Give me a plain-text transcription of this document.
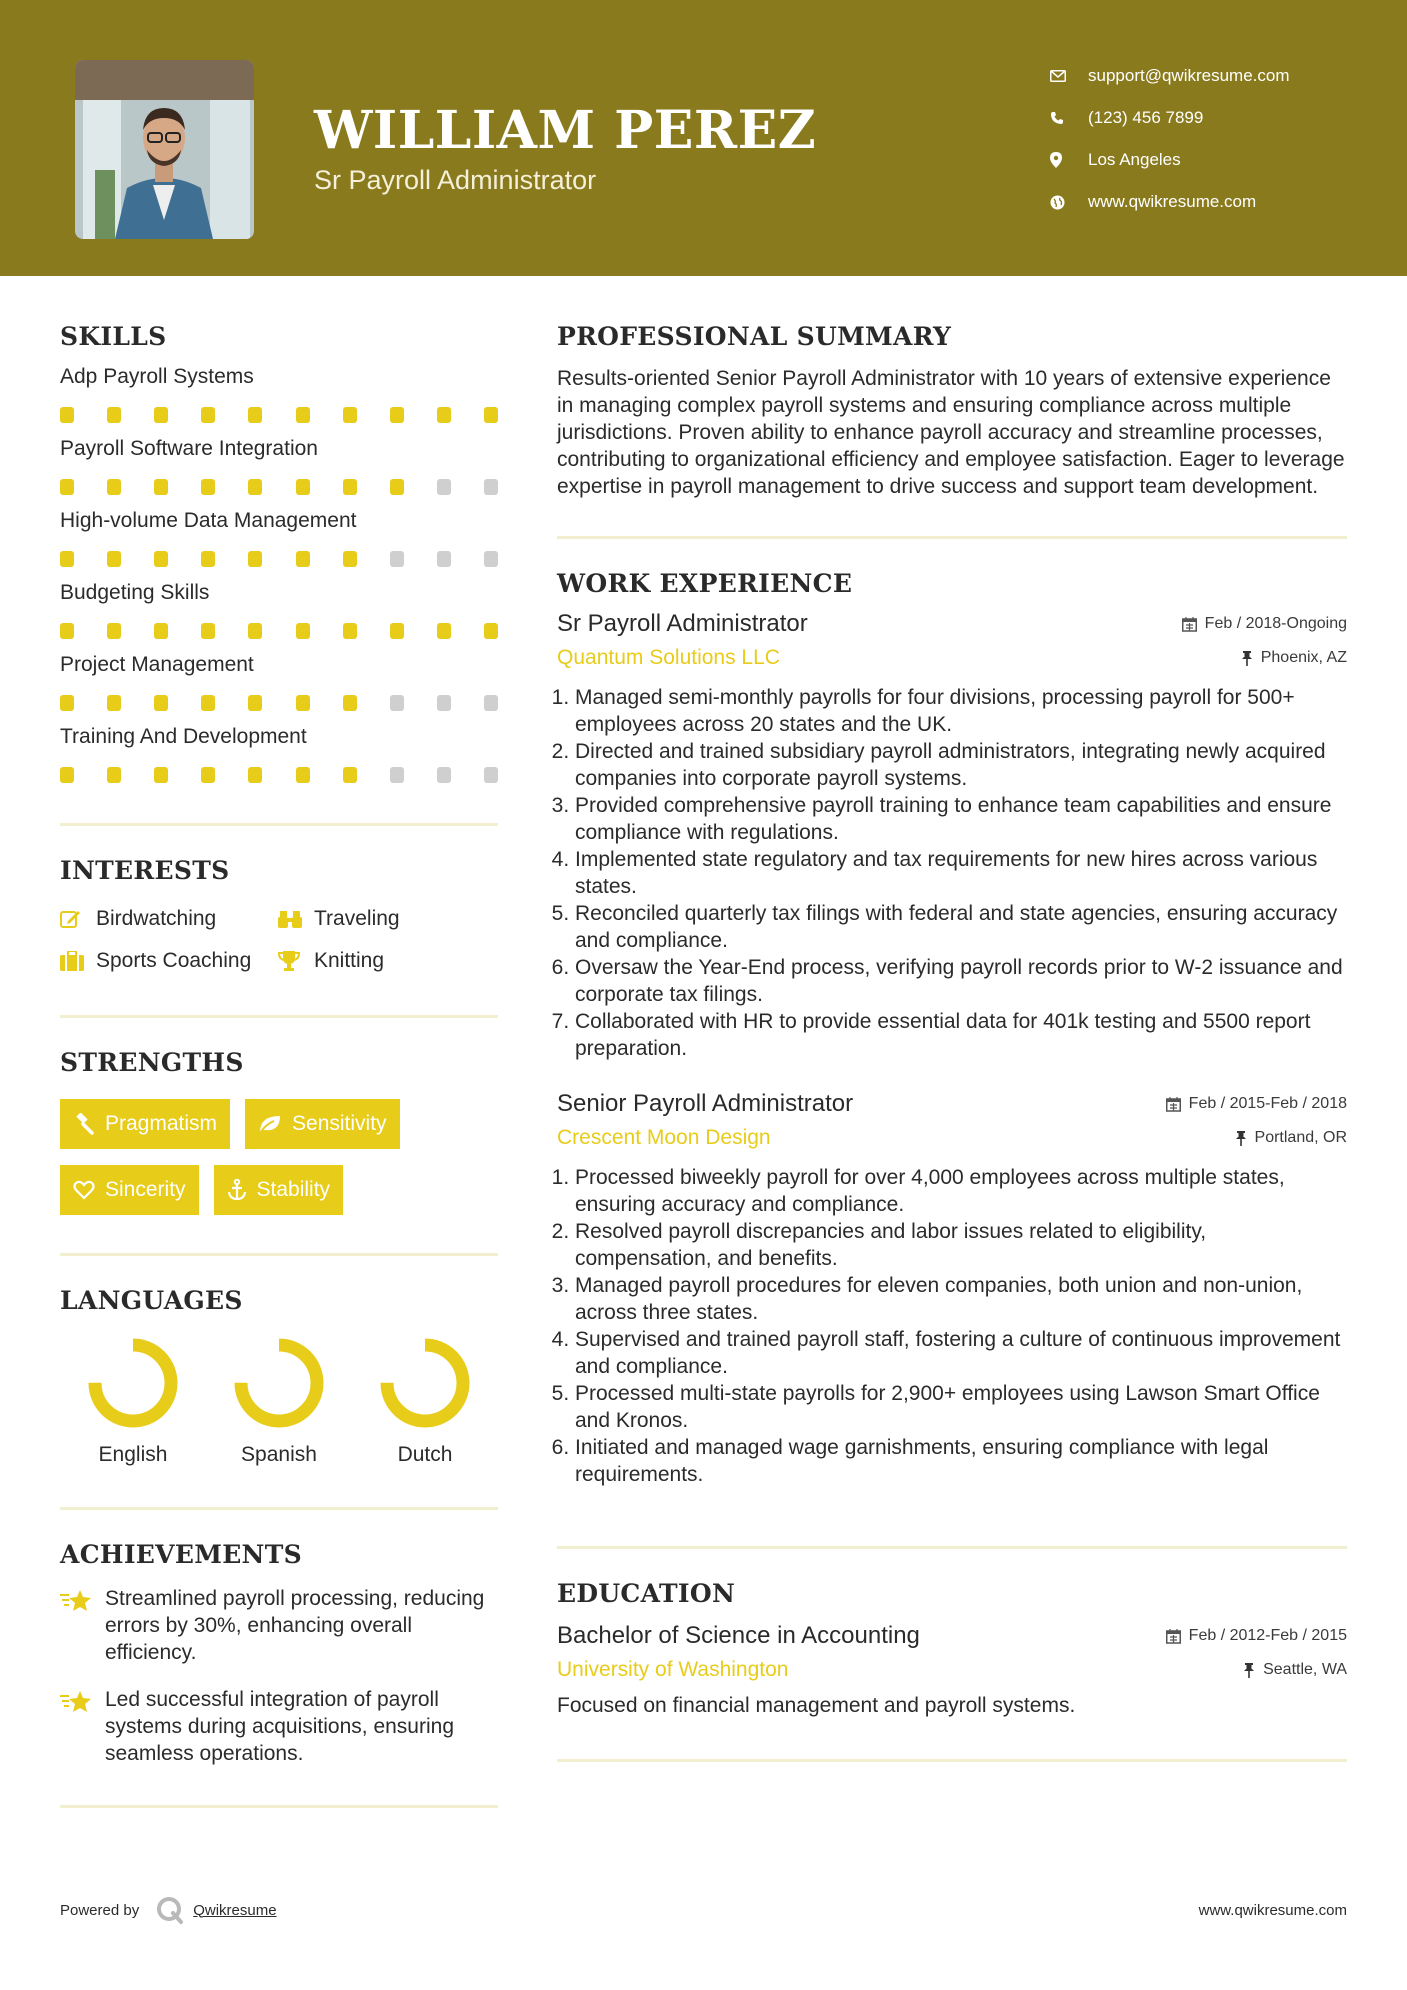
WILLIAM PEREZ
Sr Payroll Administrator
support@qwikresume.com
(123) 456 7899
Los Angeles
www.qwikresume.com
SKILLS
Adp Payroll Systems
Payroll Software Integration
High-volume Data Management
Budgeting Skills
Project Management
Training And Development
INTERESTS
Birdwatching	Traveling
Sports Coaching	Knitting
STRENGTHS
Pragmatism	Sensitivity
Sincerity	Stability
LANGUAGES
English	Spanish	Dutch
ACHIEVEMENTS
Streamlined payroll processing, reducing errors by 30%, enhancing overall efficiency.
Led successful integration of payroll systems during acquisitions, ensuring seamless operations.
PROFESSIONAL SUMMARY
Results-oriented Senior Payroll Administrator with 10 years of extensive experience in managing complex payroll systems and ensuring compliance across multiple jurisdictions. Proven ability to enhance payroll accuracy and streamline processes, contributing to organizational efficiency and employee satisfaction. Eager to leverage expertise in payroll management to drive success and support team development.
WORK EXPERIENCE
Sr Payroll Administrator	Feb / 2018-Ongoing
Quantum Solutions LLC	Phoenix, AZ
1. Managed semi-monthly payrolls for four divisions, processing payroll for 500+ employees across 20 states and the UK.
2. Directed and trained subsidiary payroll administrators, integrating newly acquired companies into corporate payroll systems.
3. Provided comprehensive payroll training to enhance team capabilities and ensure compliance with regulations.
4. Implemented state regulatory and tax requirements for new hires across various states.
5. Reconciled quarterly tax filings with federal and state agencies, ensuring accuracy and compliance.
6. Oversaw the Year-End process, verifying payroll records prior to W-2 issuance and corporate tax filings.
7. Collaborated with HR to provide essential data for 401k testing and 5500 report preparation.
Senior Payroll Administrator	Feb / 2015-Feb / 2018
Crescent Moon Design	Portland, OR
1. Processed biweekly payroll for over 4,000 employees across multiple states, ensuring accuracy and compliance.
2. Resolved payroll discrepancies and labor issues related to eligibility, compensation, and benefits.
3. Managed payroll procedures for eleven companies, both union and non-union, across three states.
4. Supervised and trained payroll staff, fostering a culture of continuous improvement and compliance.
5. Processed multi-state payrolls for 2,900+ employees using Lawson Smart Office and Kronos.
6. Initiated and managed wage garnishments, ensuring compliance with legal requirements.
EDUCATION
Bachelor of Science in Accounting	Feb / 2012-Feb / 2015
University of Washington	Seattle, WA
Focused on financial management and payroll systems.
Powered by	Qwikresume	www.qwikresume.com
